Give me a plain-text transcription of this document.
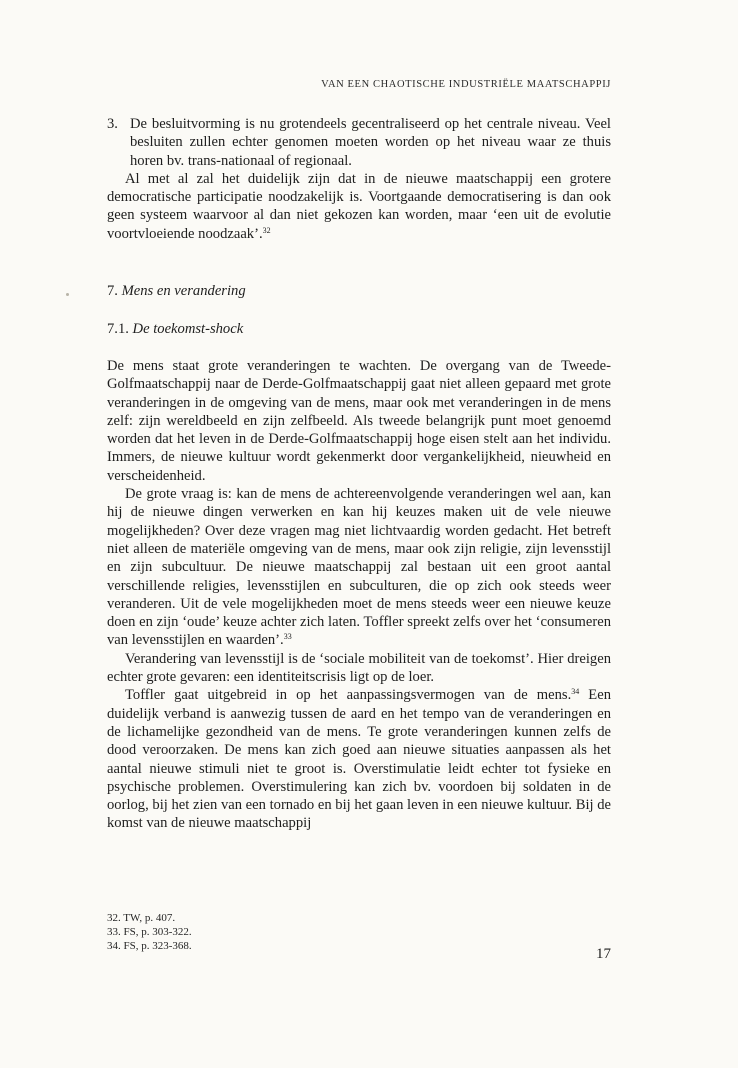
VAN EEN CHAOTISCHE INDUSTRIËLE MAATSCHAPPIJ

3. De besluitvorming is nu grotendeels gecentraliseerd op het centrale niveau. Veel besluiten zullen echter genomen moeten worden op het niveau waar ze thuis horen bv. trans-nationaal of regionaal.

Al met al zal het duidelijk zijn dat in de nieuwe maatschappij een grotere democratische participatie noodzakelijk is. Voortgaande democratisering is dan ook geen systeem waarvoor al dan niet gekozen kan worden, maar ‘een uit de evolutie voortvloeiende noodzaak’.$^{32}$

7. Mens en verandering
7.1. De toekomst-shock

De mens staat grote veranderingen te wachten. De overgang van de Tweede-Golfmaatschappij naar de Derde-Golfmaatschappij gaat niet alleen gepaard met grote veranderingen in de omgeving van de mens, maar ook met veranderingen in de mens zelf: zijn wereldbeeld en zijn zelfbeeld. Als tweede belangrijk punt moet genoemd worden dat het leven in de Derde-Golfmaatschappij hoge eisen stelt aan het individu. Immers, de nieuwe kultuur wordt gekenmerkt door vergankelijkheid, nieuwheid en verscheidenheid.

De grote vraag is: kan de mens de achtereenvolgende veranderingen wel aan, kan hij de nieuwe dingen verwerken en kan hij keuzes maken uit de vele nieuwe mogelijkheden? Over deze vragen mag niet lichtvaardig worden gedacht. Het betreft niet alleen de materiële omgeving van de mens, maar ook zijn religie, zijn levensstijl en zijn subcultuur. De nieuwe maatschappij zal bestaan uit een groot aantal verschillende religies, levensstijlen en subculturen, die op zich ook steeds weer veranderen. Uit de vele mogelijkheden moet de mens steeds weer een nieuwe keuze doen en zijn ‘oude’ keuze achter zich laten. Toffler spreekt zelfs over het ‘consumeren van levensstijlen en waarden’.$^{33}$

Verandering van levensstijl is de ‘sociale mobiliteit van de toekomst’. Hier dreigen echter grote gevaren: een identiteitscrisis ligt op de loer.

Toffler gaat uitgebreid in op het aanpassingsvermogen van de mens.$^{34}$ Een duidelijk verband is aanwezig tussen de aard en het tempo van de veranderingen en de lichamelijke gezondheid van de mens. Te grote veranderingen kunnen zelfs de dood veroorzaken. De mens kan zich goed aan nieuwe situaties aanpassen als het aantal nieuwe stimuli niet te groot is. Overstimulatie leidt echter tot fysieke en psychische problemen. Overstimulering kan zich bv. voordoen bij soldaten in de oorlog, bij het zien van een tornado en bij het gaan leven in een nieuwe kultuur. Bij de komst van de nieuwe maatschappij

32. TW, p. 407.
33. FS, p. 303-322.
34. FS, p. 323-368.	17
